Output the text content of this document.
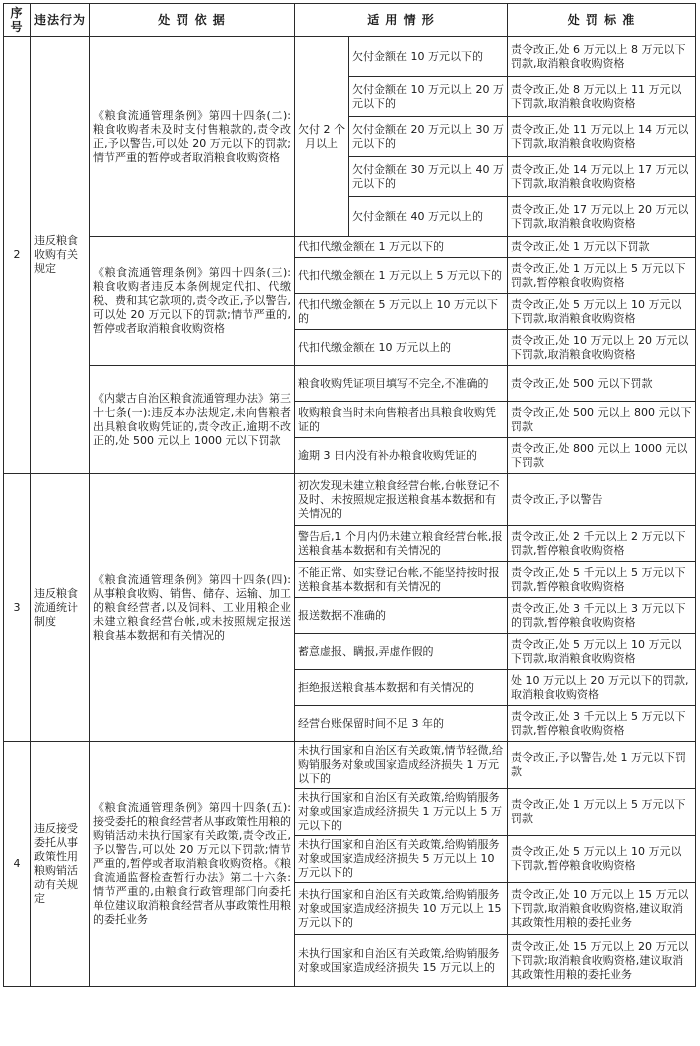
序号	违法行为	处 罚 依 据	适 用 情 形		处 罚 标 准
2	违反粮食收购有关规定	《粮食流通管理条例》第四十四条(二):粮食收购者未及时支付售粮款的,责令改正,予以警告,可以处 20 万元以下的罚款;情节严重的暂停或者取消粮食收购资格	欠付 2 个月以上	欠付金额在 10 万元以下的	责令改正,处 6 万元以上 8 万元以下罚款,取消粮食收购资格
				欠付金额在 10 万元以上 20 万元以下的	责令改正,处 8 万元以上 11 万元以下罚款,取消粮食收购资格
				欠付金额在 20 万元以上 30 万元以下的	责令改正,处 11 万元以上 14 万元以下罚款,取消粮食收购资格
				欠付金额在 30 万元以上 40 万元以下的	责令改正,处 14 万元以上 17 万元以下罚款,取消粮食收购资格
				欠付金额在 40 万元以上的	责令改正,处 17 万元以上 20 万元以下罚款,取消粮食收购资格
		《粮食流通管理条例》第四十四条(三):粮食收购者违反本条例规定代扣、代缴税、费和其它款项的,责令改正,予以警告,可以处 20 万元以下的罚款;情节严重的,暂停或者取消粮食收购资格	代扣代缴金额在 1 万元以下的		责令改正,处 1 万元以下罚款
			代扣代缴金额在 1 万元以上 5 万元以下的		责令改正,处 1 万元以上 5 万元以下罚款,暂停粮食收购资格
			代扣代缴金额在 5 万元以上 10 万元以下的		责令改正,处 5 万元以上 10 万元以下罚款,取消粮食收购资格
			代扣代缴金额在 10 万元以上的		责令改正,处 10 万元以上 20 万元以下罚款,取消粮食收购资格
		《内蒙古自治区粮食流通管理办法》第三十七条(一):违反本办法规定,未向售粮者出具粮食收购凭证的,责令改正,逾期不改正的,处 500 元以上 1000 元以下罚款	粮食收购凭证项目填写不完全,不准确的		责令改正,处 500 元以下罚款
			收购粮食当时未向售粮者出具粮食收购凭证的		责令改正,处 500 元以上 800 元以下罚款
			逾期 3 日内没有补办粮食收购凭证的		责令改正,处 800 元以上 1000 元以下罚款
3	违反粮食流通统计制度	《粮食流通管理条例》第四十四条(四):从事粮食收购、销售、储存、运输、加工的粮食经营者,以及饲料、工业用粮企业未建立粮食经营台帐,或未按照规定报送粮食基本数据和有关情况的	初次发现未建立粮食经营台帐,台帐登记不及时、未按照规定报送粮食基本数据和有关情况的		责令改正,予以警告
			警告后,1 个月内仍未建立粮食经营台帐,报送粮食基本数据和有关情况的		责令改正,处 2 千元以上 2 万元以下罚款,暂停粮食收购资格
			不能正常、如实登记台帐,不能坚持按时报送粮食基本数据和有关情况的		责令改正,处 5 千元以上 5 万元以下罚款,暂停粮食收购资格
			报送数据不准确的		责令改正,处 3 千元以上 3 万元以下的罚款,暂停粮食收购资格
			蓄意虚报、瞒报,弄虚作假的		责令改正,处 5 万元以上 10 万元以下罚款,取消粮食收购资格
			拒绝报送粮食基本数据和有关情况的		处 10 万元以上 20 万元以下的罚款,取消粮食收购资格
			经营台账保留时间不足 3 年的		责令改正,处 3 千元以上 5 万元以下罚款,暂停粮食收购资格
4	违反接受委托从事政策性用粮购销活动有关规定	《粮食流通管理条例》第四十四条(五):接受委托的粮食经营者从事政策性用粮的购销活动未执行国家有关政策,责令改正,予以警告,可以处 20 万元以下罚款;情节严重的,暂停或者取消粮食收购资格。《粮食流通监督检查暂行办法》第二十六条:情节严重的,由粮食行政管理部门向委托单位建议取消粮食经营者从事政策性用粮的委托业务	未执行国家和自治区有关政策,情节轻微,给购销服务对象或国家造成经济损失 1 万元以下的		责令改正,予以警告,处 1 万元以下罚款
			未执行国家和自治区有关政策,给购销服务对象或国家造成经济损失 1 万元以上 5 万元以下的		责令改正,处 1 万元以上 5 万元以下罚款
			未执行国家和自治区有关政策,给购销服务对象或国家造成经济损失 5 万元以上 10 万元以下的		责令改正,处 5 万元以上 10 万元以下罚款,暂停粮食收购资格
			未执行国家和自治区有关政策,给购销服务对象或国家造成经济损失 10 万元以上 15 万元以下的		责令改正,处 10 万元以上 15 万元以下罚款,取消粮食收购资格,建议取消其政策性用粮的委托业务
			未执行国家和自治区有关政策,给购销服务对象或国家造成经济损失 15 万元以上的		责令改正,处 15 万元以上 20 万元以下罚款;取消粮食收购资格,建议取消其政策性用粮的委托业务
